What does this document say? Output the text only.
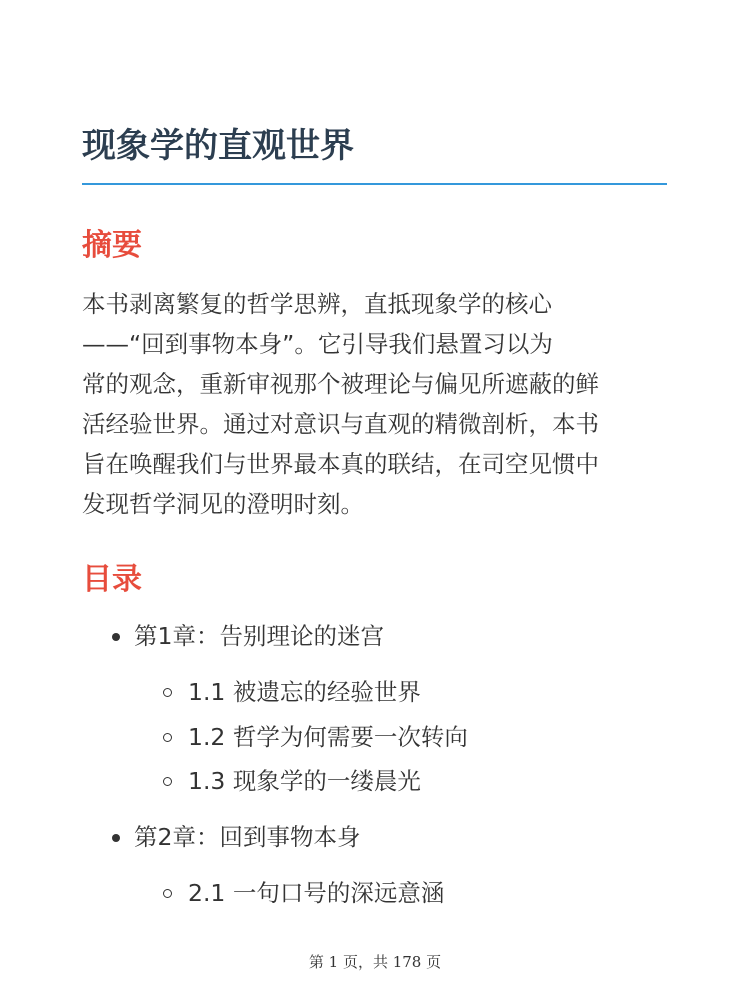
现象学的直观世界
摘要

本书剥离繁复的哲学思辨，直抵现象学的核心
——“回到事物本身”。它引导我们悬置习以为
常的观念，重新审视那个被理论与偏见所遮蔽的鲜
活经验世界。通过对意识与直观的精微剖析，本书
旨在唤醒我们与世界最本真的联结，在司空见惯中
发现哲学洞见的澄明时刻。

目录
第1章：告别理论的迷宫
1.1 被遗忘的经验世界
1.2 哲学为何需要一次转向
1.3 现象学的一缕晨光
第2章：回到事物本身
2.1 一句口号的深远意涵
第 1 页，共 178 页
